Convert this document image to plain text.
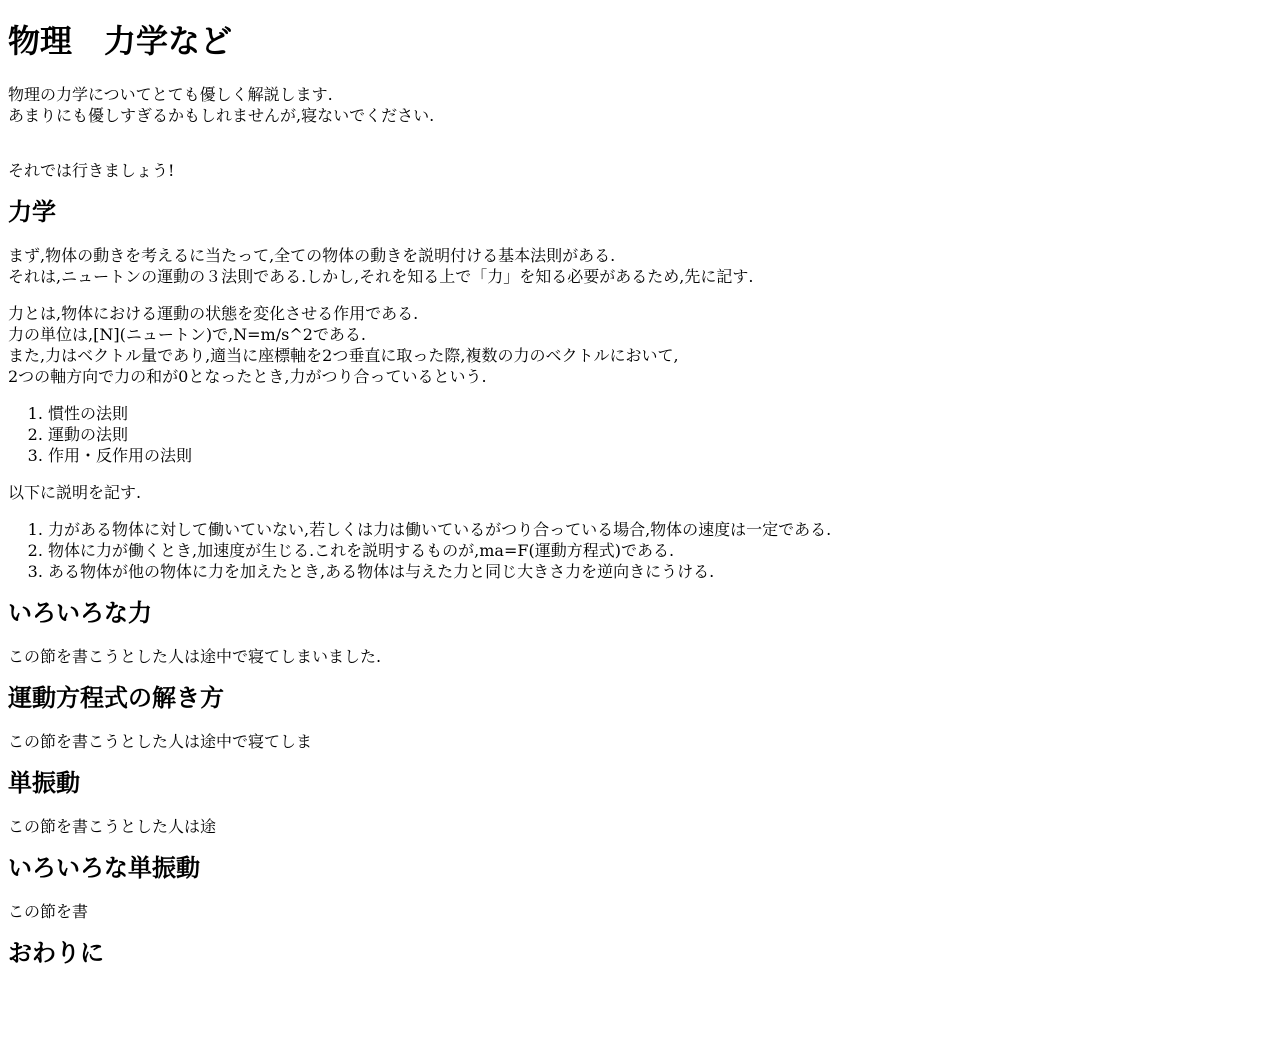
物理　力学など

物理の力学についてとても優しく解説します.

あまりにも優しすぎるかもしれませんが,寝ないでください.

それでは行きましょう!

力学

まず,物体の動きを考えるに当たって,全ての物体の動きを説明付ける基本法則がある.
それは,ニュートンの運動の３法則である.しかし,それを知る上で「力」を知る必要があるため,先に記す.

力とは,物体における運動の状態を変化させる作用である.
力の単位は,[N](ニュートン)で,N=m/s^2である.
また,力はベクトル量であり,適当に座標軸を2つ垂直に取った際,複数の力のベクトルにおいて,
2つの軸方向で力の和が0となったとき,力がつり合っているという.

1. 慣性の法則
2. 運動の法則
3. 作用・反作用の法則

以下に説明を記す.

1. 力がある物体に対して働いていない,若しくは力は働いているがつり合っている場合,物体の速度は一定である.
2. 物体に力が働くとき,加速度が生じる.これを説明するものが,ma=F(運動方程式)である.
3. ある物体が他の物体に力を加えたとき,ある物体は与えた力と同じ大きさ力を逆向きにうける.
いろいろな力

この節を書こうとした人は途中で寝てしまいました.

運動方程式の解き方

この節を書こうとした人は途中で寝てしま

単振動

この節を書こうとした人は途

いろいろな単振動

この節を書

おわりに
